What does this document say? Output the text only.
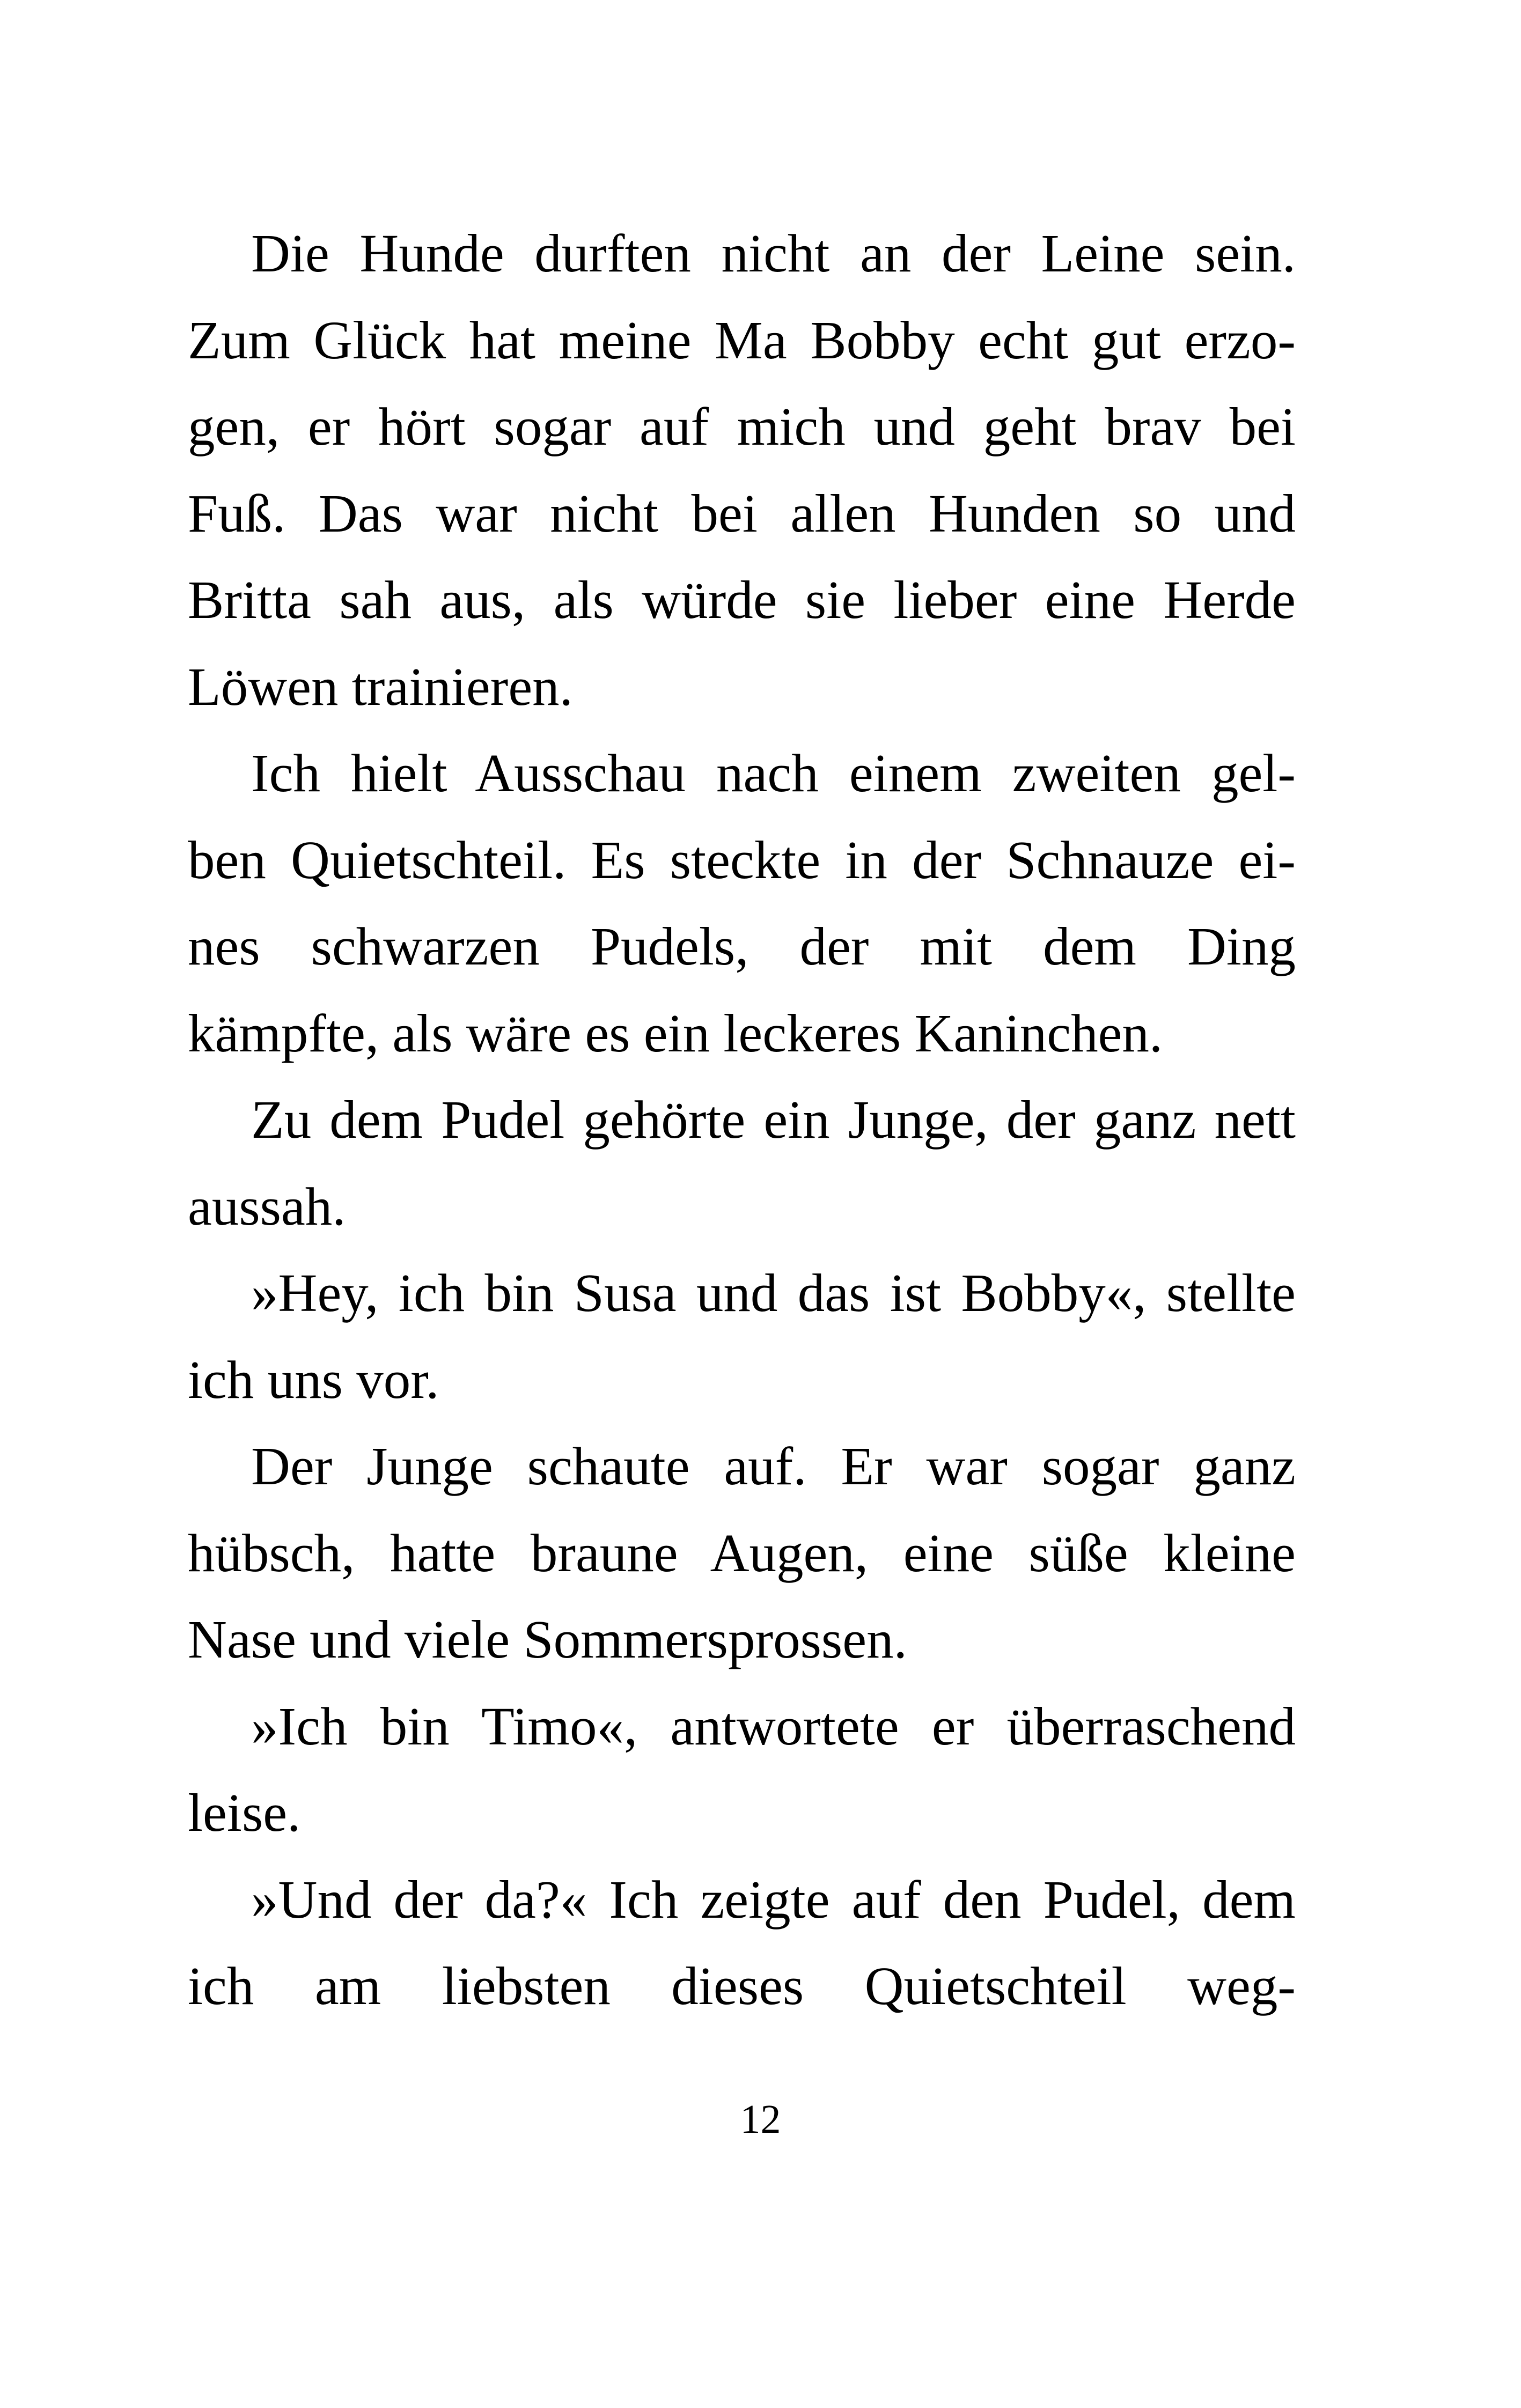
Die Hunde durften nicht an der Leine sein.
Zum Glück hat meine Ma Bobby echt gut erzo-
gen, er hört sogar auf mich und geht brav bei
Fuß. Das war nicht bei allen Hunden so und
Britta sah aus, als würde sie lieber eine Herde
Löwen trainieren.
Ich hielt Ausschau nach einem zweiten gel-
ben Quietschteil. Es steckte in der Schnauze ei-
nes schwarzen Pudels, der mit dem Ding
kämpfte, als wäre es ein leckeres Kaninchen.
Zu dem Pudel gehörte ein Junge, der ganz nett
aussah.
»Hey, ich bin Susa und das ist Bobby«, stellte
ich uns vor.
Der Junge schaute auf. Er war sogar ganz
hübsch, hatte braune Augen, eine süße kleine
Nase und viele Sommersprossen.
»Ich bin Timo«, antwortete er überraschend
leise.
»Und der da?« Ich zeigte auf den Pudel, dem
ich am liebsten dieses Quietschteil weg-
12
